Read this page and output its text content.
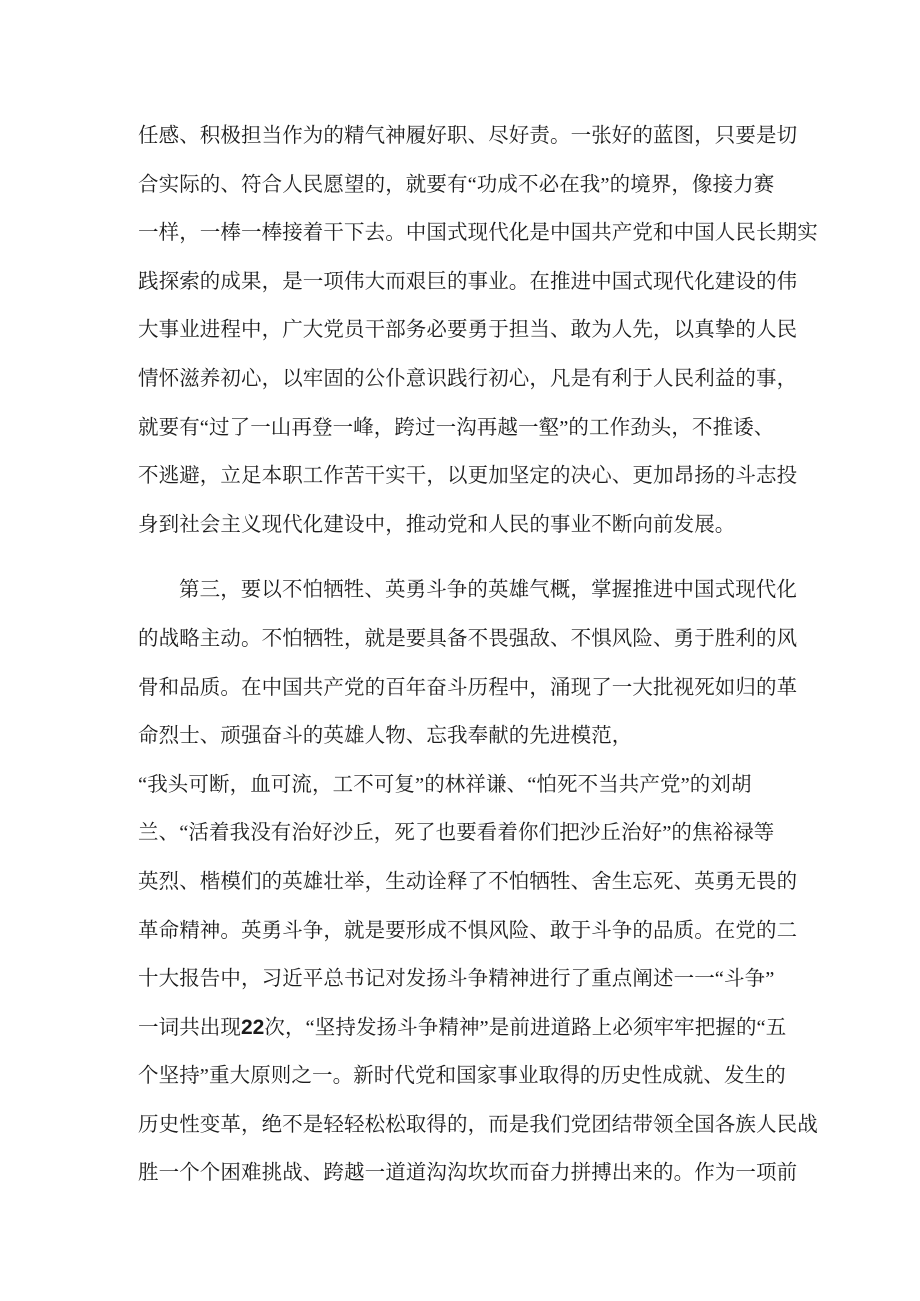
任感、积极担当作为的精气神履好职、尽好责。一张好的蓝图，只要是切
合实际的、符合人民愿望的，就要有“功成不必在我”的境界，像接力赛
一样，一棒一棒接着干下去。中国式现代化是中国共产党和中国人民长期实
践探索的成果，是一项伟大而艰巨的事业。在推进中国式现代化建设的伟
大事业进程中，广大党员干部务必要勇于担当、敢为人先，以真挚的人民
情怀滋养初心，以牢固的公仆意识践行初心，凡是有利于人民利益的事，
就要有“过了一山再登一峰，跨过一沟再越一壑”的工作劲头，不推诿、
不逃避，立足本职工作苦干实干，以更加坚定的决心、更加昂扬的斗志投
身到社会主义现代化建设中，推动党和人民的事业不断向前发展。
第三，要以不怕牺牲、英勇斗争的英雄气概，掌握推进中国式现代化
的战略主动。不怕牺牲，就是要具备不畏强敌、不惧风险、勇于胜利的风
骨和品质。在中国共产党的百年奋斗历程中，涌现了一大批视死如归的革
命烈士、顽强奋斗的英雄人物、忘我奉献的先进模范，
“我头可断，血可流，工不可复”的林祥谦、“怕死不当共产党”的刘胡
兰、“活着我没有治好沙丘，死了也要看着你们把沙丘治好”的焦裕禄等
英烈、楷模们的英雄壮举，生动诠释了不怕牺牲、舍生忘死、英勇无畏的
革命精神。英勇斗争，就是要形成不惧风险、敢于斗争的品质。在党的二
十大报告中，习近平总书记对发扬斗争精神进行了重点阐述一一“斗争”
一词共出现22次，“坚持发扬斗争精神”是前进道路上必须牢牢把握的“五
个坚持”重大原则之一。新时代党和国家事业取得的历史性成就、发生的
历史性变革，绝不是轻轻松松取得的，而是我们党团结带领全国各族人民战
胜一个个困难挑战、跨越一道道沟沟坎坎而奋力拼搏出来的。作为一项前
